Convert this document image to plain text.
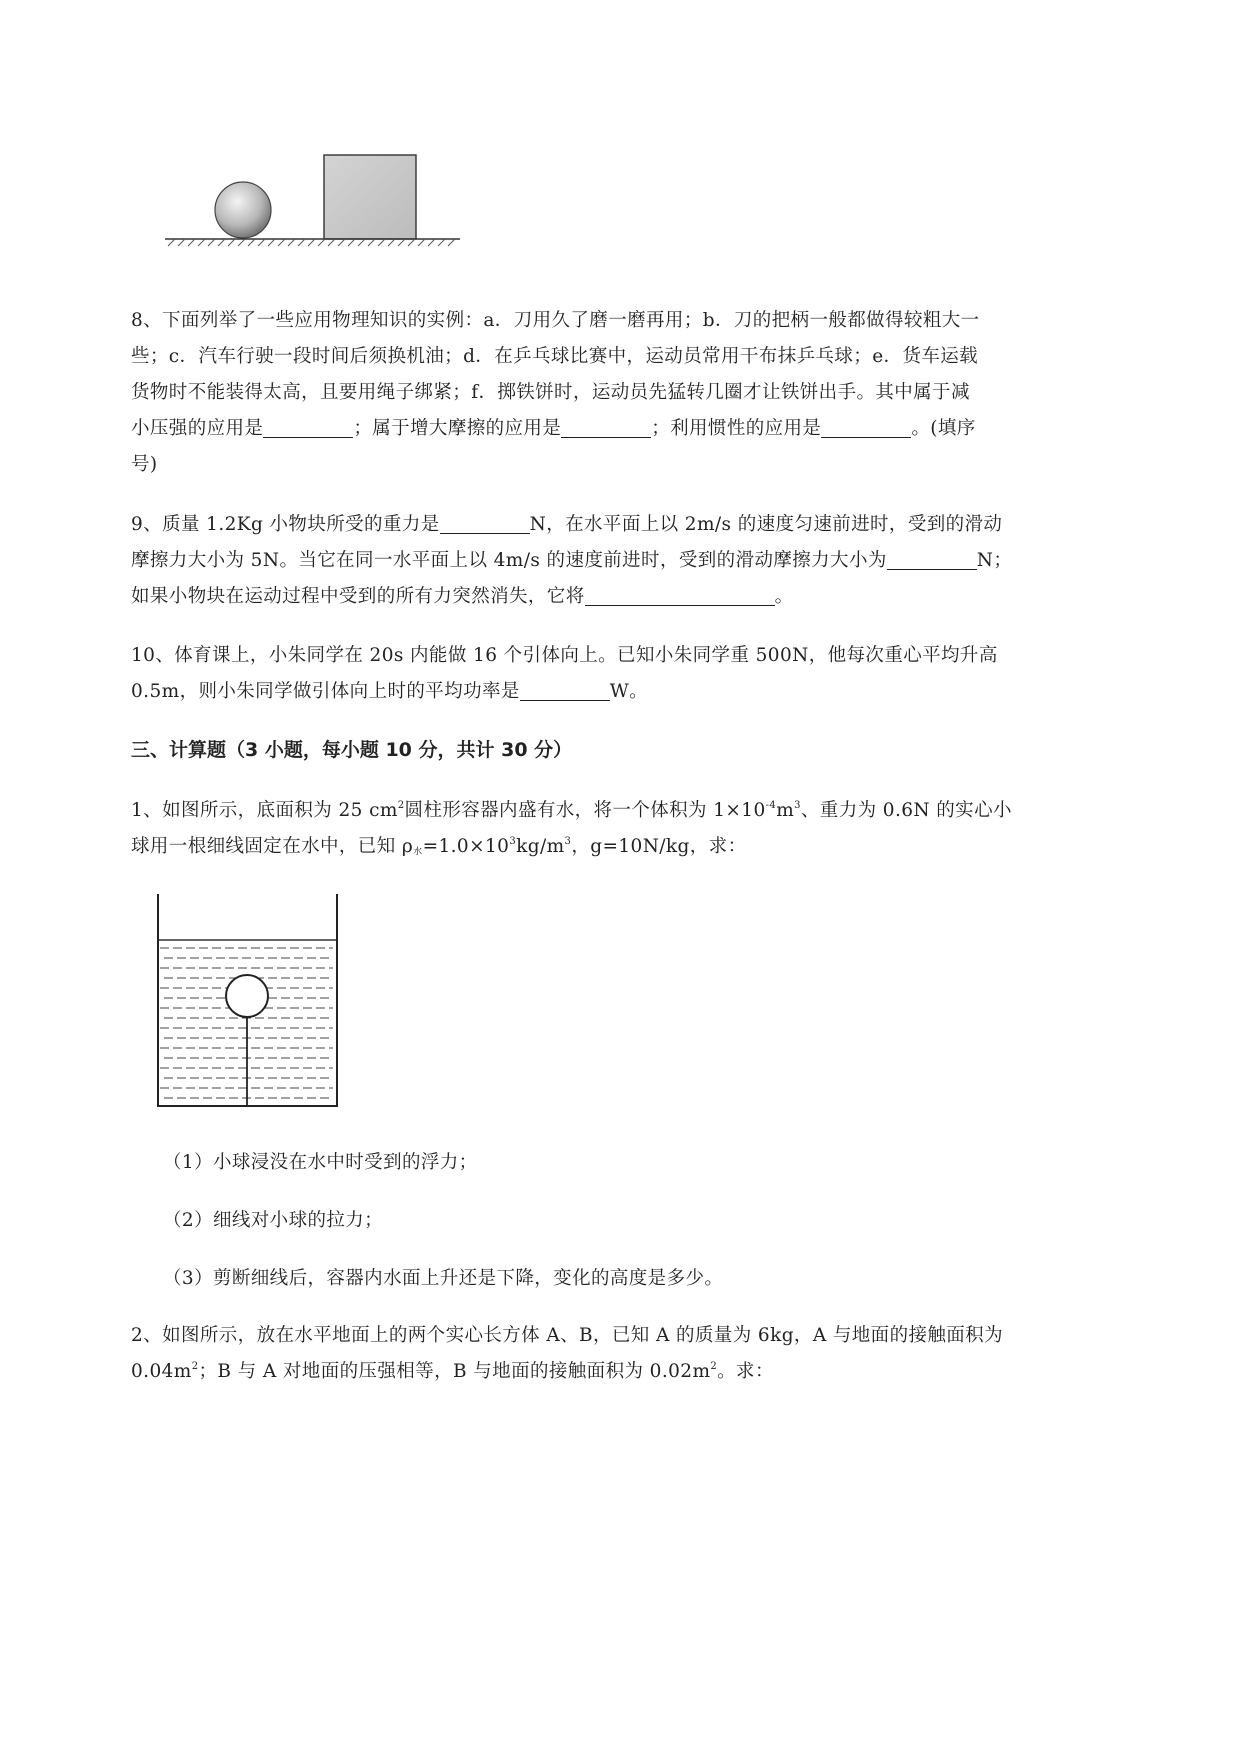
8、下面列举了一些应用物理知识的实例：a．刀用久了磨一磨再用；b．刀的把柄一般都做得较粗大一
些；c．汽车行驶一段时间后须换机油；d．在乒乓球比赛中，运动员常用干布抹乒乓球；e．货车运载
货物时不能装得太高，且要用绳子绑紧；f．掷铁饼时，运动员先猛转几圈才让铁饼出手。其中属于减
小压强的应用是	；属于增大摩擦的应用是	；利用惯性的应用是	。(填序
号)
9、质量 1.2Kg 小物块所受的重力是	N，在水平面上以 2m/s 的速度匀速前进时，受到的滑动
摩擦力大小为 5N。当它在同一水平面上以 4m/s 的速度前进时，受到的滑动摩擦力大小为	N；
如果小物块在运动过程中受到的所有力突然消失，它将	。
10、体育课上，小朱同学在 20s 内能做 16 个引体向上。已知小朱同学重 500N，他每次重心平均升高
0.5m，则小朱同学做引体向上时的平均功率是	W。
三、计算题（3 小题，每小题 10 分，共计 30 分）
1、如图所示，底面积为 25 $cm^2$圆柱形容器内盛有水，将一个体积为 $1\times 10^{-4}m^3$、重力为 0.6N 的实心小
球用一根细线固定在水中，已知 $\rho_水=1.0\times 10^3kg/m^3$，g=10N/kg，求：
（1）小球浸没在水中时受到的浮力；
（2）细线对小球的拉力；
（3）剪断细线后，容器内水面上升还是下降，变化的高度是多少。
2、如图所示，放在水平地面上的两个实心长方体 A、B，已知 A 的质量为 6kg，A 与地面的接触面积为
$0.04m^2$；B 与 A 对地面的压强相等，B 与地面的接触面积为 $0.02m^2$。求：
